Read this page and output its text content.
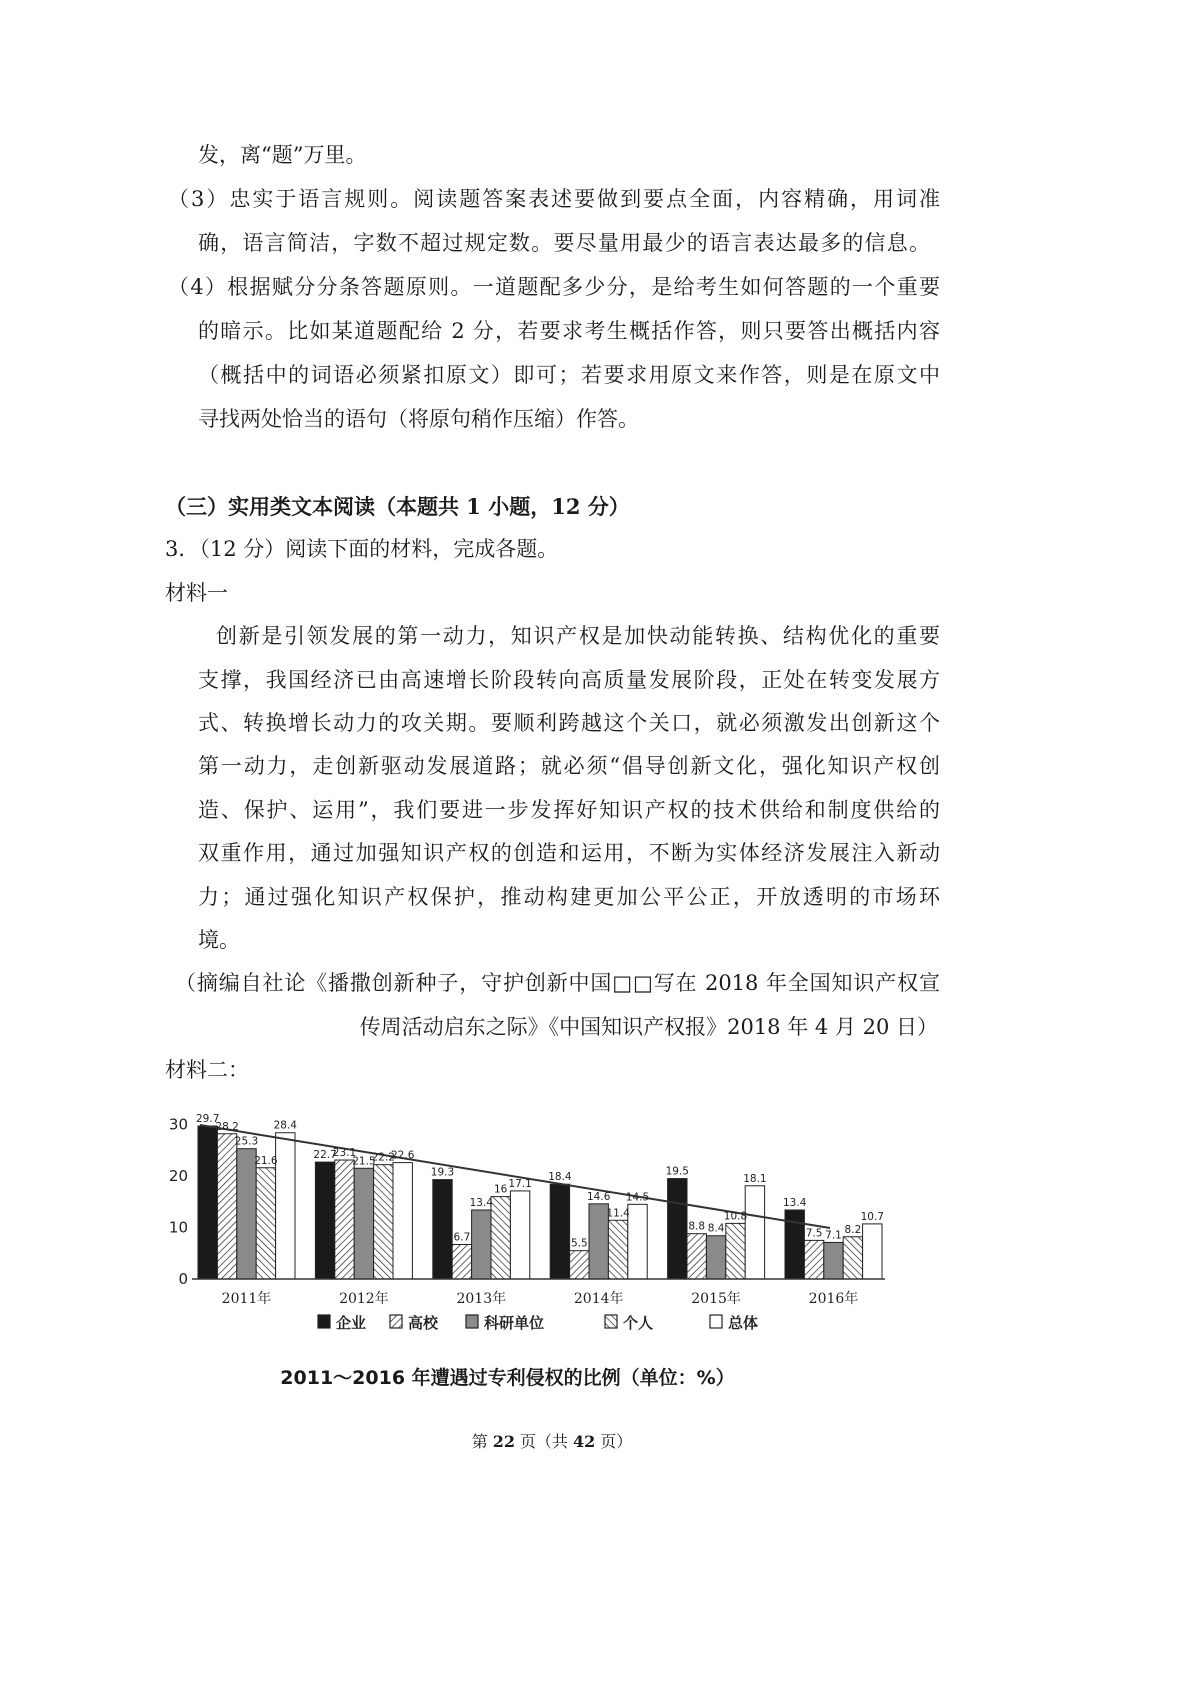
发，离“题”万里。
（3）忠实于语言规则。阅读题答案表述要做到要点全面，内容精确，用词准
确，语言简洁，字数不超过规定数。要尽量用最少的语言表达最多的信息。
（4）根据赋分分条答题原则。一道题配多少分，是给考生如何答题的一个重要
的暗示。比如某道题配给 2 分，若要求考生概括作答，则只要答出概括内容
（概括中的词语必须紧扣原文）即可；若要求用原文来作答，则是在原文中
寻找两处恰当的语句（将原句稍作压缩）作答。
（三）实用类文本阅读（本题共 1 小题，12 分）
3．（12 分）阅读下面的材料，完成各题。
材料一
创新是引领发展的第一动力，知识产权是加快动能转换、结构优化的重要
支撑，我国经济已由高速增长阶段转向高质量发展阶段，正处在转变发展方
式、转换增长动力的攻关期。要顺利跨越这个关口，就必须激发出创新这个
第一动力，走创新驱动发展道路；就必须“倡导创新文化，强化知识产权创
造、保护、运用”，我们要进一步发挥好知识产权的技术供给和制度供给的
双重作用，通过加强知识产权的创造和运用，不断为实体经济发展注入新动
力；通过强化知识产权保护，推动构建更加公平公正，开放透明的市场环
境。
（摘编自社论《播撒创新种子，守护创新中国□□写在 2018 年全国知识产权宣
传周活动启东之际》《中国知识产权报》2018 年 4 月 20 日）
材料二：
30
20
10
0
29.7
22.7
19.3	18.4	19.5
13.4
28.2
23.1
6.7
5.5
8.8
7.5
25.3
21.5
13.4
14.6
8.4
7.1
21.6	22.2
16
11.4	10.8
8.2
28.4
22.6
17.1
14.5
18.1
10.7
2011年	2012年	2013年	2014年	2015年	2016年
企业	高校	科研单位	个人	总体
2011～2016 年遭遇过专利侵权的比例（单位：%）
第 22 页（共 42 页）
